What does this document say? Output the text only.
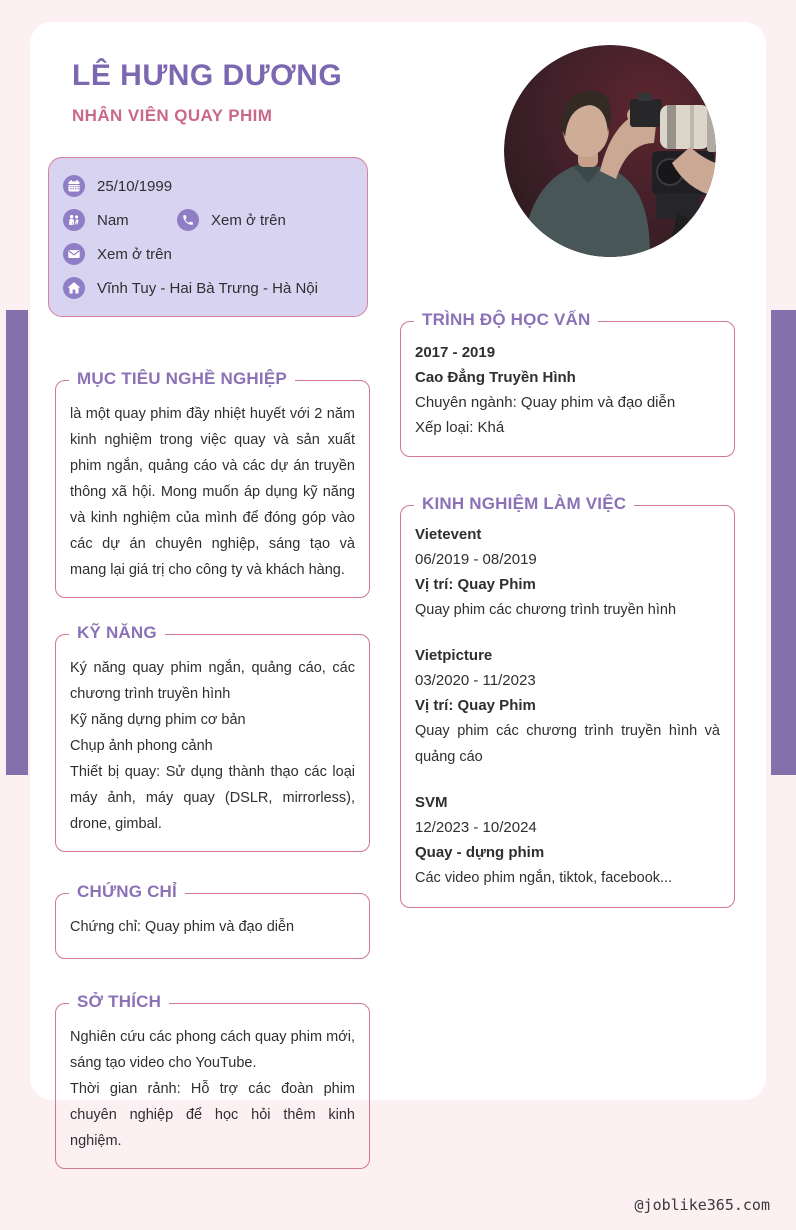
LÊ HƯNG DƯƠNG
NHÂN VIÊN QUAY PHIM
25/10/1999
Nam	Xem ở trên
Xem ở trên
Vĩnh Tuy - Hai Bà Trưng - Hà Nội
MỤC TIÊU NGHỀ NGHIỆP

là một quay phim đầy nhiệt huyết với 2 năm kinh nghiệm trong việc quay và sản xuất phim ngắn, quảng cáo và các dự án truyền thông xã hội. Mong muốn áp dụng kỹ năng và kinh nghiệm của mình để đóng góp vào các dự án chuyên nghiệp, sáng tạo và mang lại giá trị cho công ty và khách hàng.

KỸ NĂNG

Ký năng quay phim ngắn, quảng cáo, các chương trình truyền hình

Kỹ năng dựng phim cơ bản

Chụp ảnh phong cảnh

Thiết bị quay: Sử dụng thành thạo các loại máy ảnh, máy quay (DSLR, mirrorless), drone, gimbal.

CHỨNG CHỈ

Chứng chỉ: Quay phim và đạo diễn

SỞ THÍCH

Nghiên cứu các phong cách quay phim mới, sáng tạo video cho YouTube.

Thời gian rảnh: Hỗ trợ các đoàn phim chuyên nghiệp để học hỏi thêm kinh nghiệm.

TRÌNH ĐỘ HỌC VẤN
2017 - 2019
Cao Đẳng Truyền Hình
Chuyên ngành: Quay phim và đạo diễn
Xếp loại: Khá
KINH NGHIỆM LÀM VIỆC
Vietevent
06/2019 - 08/2019
Vị trí: Quay Phim

Quay phim các chương trình truyền hình

Vietpicture
03/2020 - 11/2023
Vị trí: Quay Phim

Quay phim các chương trình truyền hình và quảng cáo

SVM
12/2023 - 10/2024
Quay - dựng phim

Các video phim ngắn, tiktok, facebook...

@joblike365.com
